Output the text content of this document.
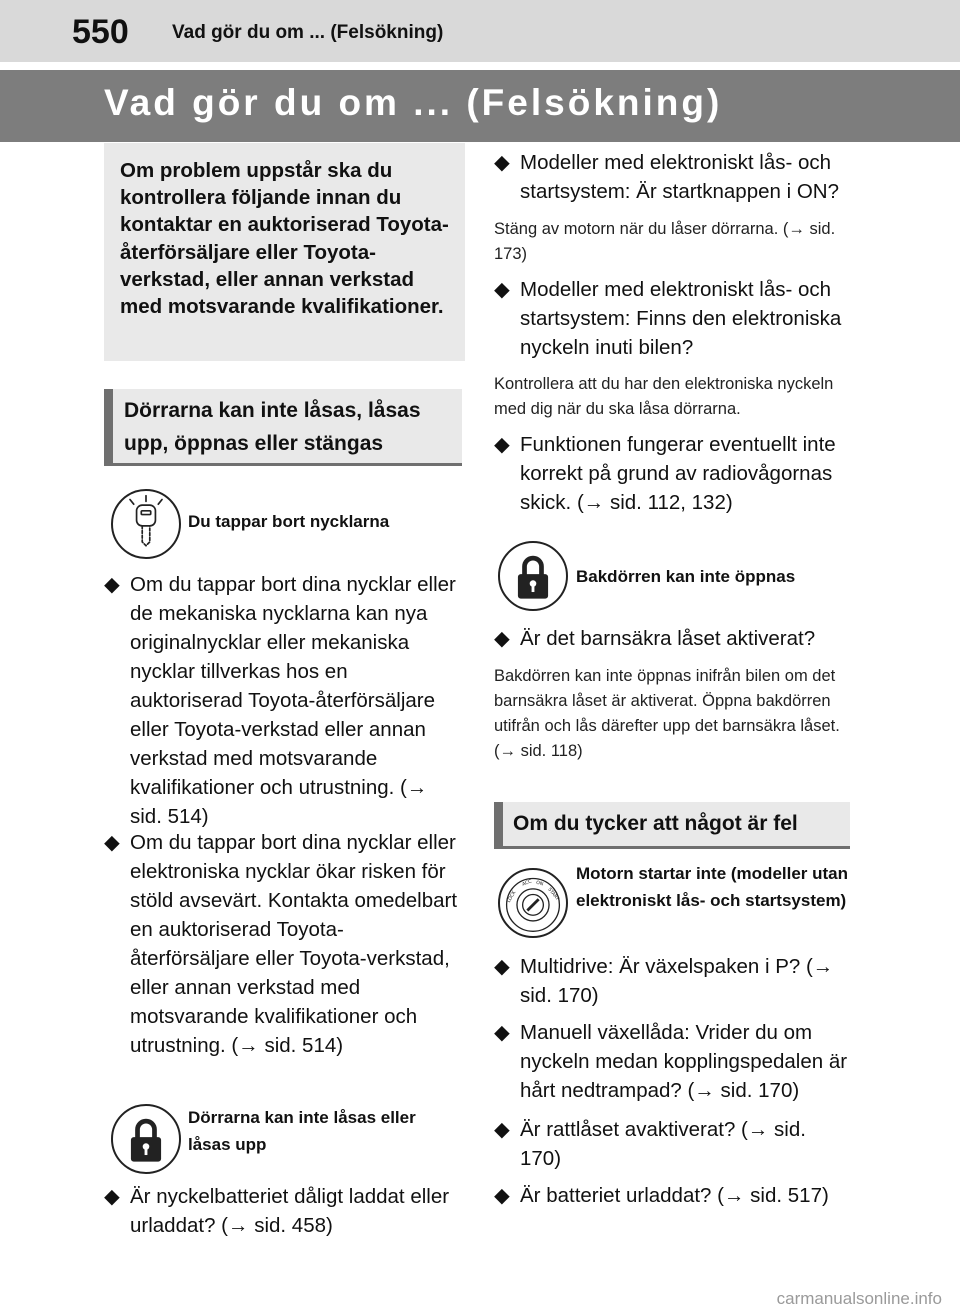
550 Vad gör du om ... (Felsökning)
Vad gör du om ... (Felsökning)
Om problem uppstår ska du kontrollera följande innan du kontaktar en auktoriserad Toyota-återförsäljare eller Toyota-verkstad, eller annan verkstad med motsvarande kvalifikationer.
Dörrarna kan inte låsas, låsas upp, öppnas eller stängas
Du tappar bort nycklarna
◆ Om du tappar bort dina nycklar eller de mekaniska nycklarna kan nya originalnycklar eller mekaniska nycklar tillverkas hos en auktoriserad Toyota-återförsäljare eller Toyota-verkstad eller annan verkstad med motsvarande kvalifikationer och utrustning. (→ sid. 514)
◆ Om du tappar bort dina nycklar eller elektroniska nycklar ökar risken för stöld avsevärt. Kontakta omedelbart en auktoriserad Toyota-återförsäljare eller Toyota-verkstad, eller annan verkstad med motsvarande kvalifikationer och utrustning. (→ sid. 514)
Dörrarna kan inte låsas eller låsas upp
◆ Är nyckelbatteriet dåligt laddat eller urladdat? (→ sid. 458)
◆ Modeller med elektroniskt lås- och startsystem: Är startknappen i ON?
Stäng av motorn när du låser dörrarna. (→ sid. 173)
◆ Modeller med elektroniskt lås- och startsystem: Finns den elektroniska nyckeln inuti bilen?
Kontrollera att du har den elektroniska nyckeln med dig när du ska låsa dörrarna.
◆ Funktionen fungerar eventuellt inte korrekt på grund av radiovågornas skick. (→ sid. 112, 132)
Bakdörren kan inte öppnas
◆ Är det barnsäkra låset aktiverat?
Bakdörren kan inte öppnas inifrån bilen om det barnsäkra låset är aktiverat. Öppna bakdörren utifrån och lås därefter upp det barnsäkra låset. (→ sid. 118)
Om du tycker att något är fel
LOCK
ACC ON
START
Motorn startar inte (modeller utan elektroniskt lås- och startsystem)
◆ Multidrive: Är växelspaken i P? (→ sid. 170)
◆ Manuell växellåda: Vrider du om nyckeln medan kopplingspedalen är hårt nedtrampad? (→ sid. 170)
◆ Är rattlåset avaktiverat? (→ sid. 170)
◆ Är batteriet urladdat? (→ sid. 517)
carmanualsonline.info
